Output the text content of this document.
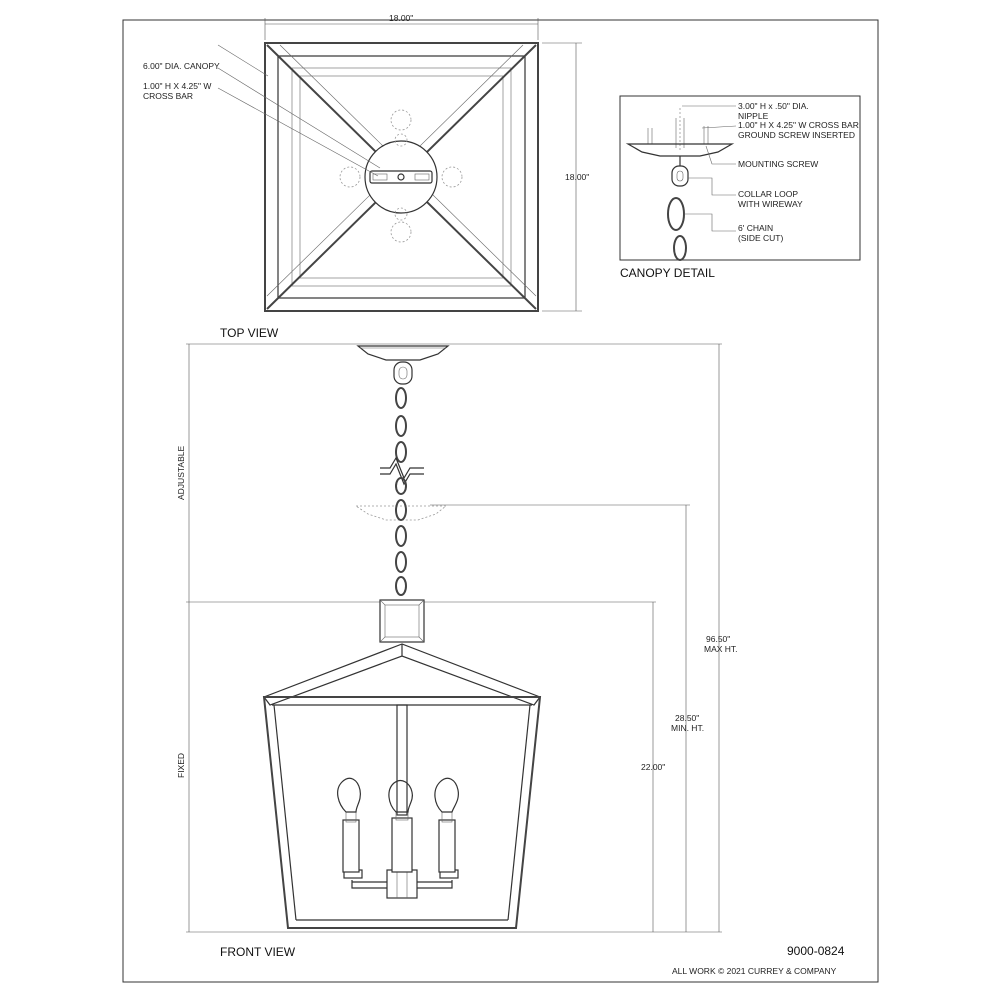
6.00" DIA. CANOPY
1.00" H X 4.25" W
CROSS BAR
18.00"
18.00"
TOP VIEW
3.00" H x .50" DIA.
NIPPLE
1.00" H X 4.25" W CROSS BAR
GROUND SCREW INSERTED
MOUNTING SCREW
COLLAR LOOP
WITH WIREWAY
6' CHAIN
(SIDE CUT)
CANOPY DETAIL
ADJUSTABLE
FIXED
96.50"
MAX HT.
28.50"
MIN. HT.
22.00"
FRONT VIEW	9000-0824
ALL WORK © 2021 CURREY & COMPANY
